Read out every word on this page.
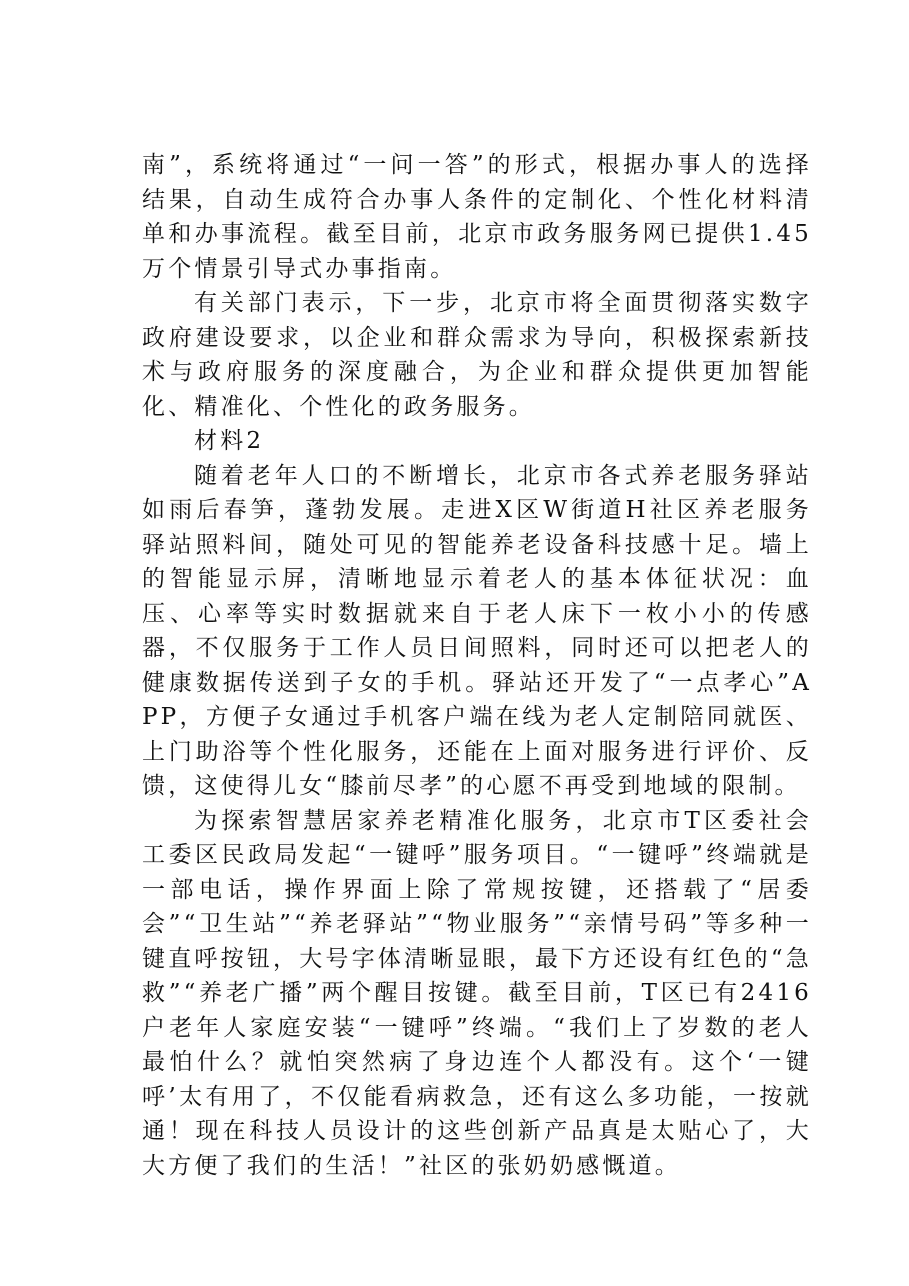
南”，系统将通过“一问一答”的形式，根据办事人的选择结果，自动生成符合办事人条件的定制化、个性化材料清单和办事流程。截至目前，北京市政务服务网已提供1.45万个情景引导式办事指南。

有关部门表示，下一步，北京市将全面贯彻落实数字政府建设要求，以企业和群众需求为导向，积极探索新技术与政府服务的深度融合，为企业和群众提供更加智能化、精准化、个性化的政务服务。

材料2

随着老年人口的不断增长，北京市各式养老服务驿站如雨后春笋，蓬勃发展。走进X区W街道H社区养老服务驿站照料间，随处可见的智能养老设备科技感十足。墙上的智能显示屏，清晰地显示着老人的基本体征状况：血压、心率等实时数据就来自于老人床下一枚小小的传感器，不仅服务于工作人员日间照料，同时还可以把老人的健康数据传送到子女的手机。驿站还开发了“一点孝心”APP，方便子女通过手机客户端在线为老人定制陪同就医、上门助浴等个性化服务，还能在上面对服务进行评价、反馈，这使得儿女“膝前尽孝”的心愿不再受到地域的限制。

为探索智慧居家养老精准化服务，北京市T区委社会工委区民政局发起“一键呼”服务项目。“一键呼”终端就是一部电话，操作界面上除了常规按键，还搭载了“居委会”“卫生站”“养老驿站”“物业服务”“亲情号码”等多种一键直呼按钮，大号字体清晰显眼，最下方还设有红色的“急救”“养老广播”两个醒目按键。截至目前，T区已有2416户老年人家庭安装“一键呼”终端。“我们上了岁数的老人最怕什么？就怕突然病了身边连个人都没有。这个‘一键呼’太有用了，不仅能看病救急，还有这么多功能，一按就通！现在科技人员设计的这些创新产品真是太贴心了，大大方便了我们的生活！”社区的张奶奶感慨道。
